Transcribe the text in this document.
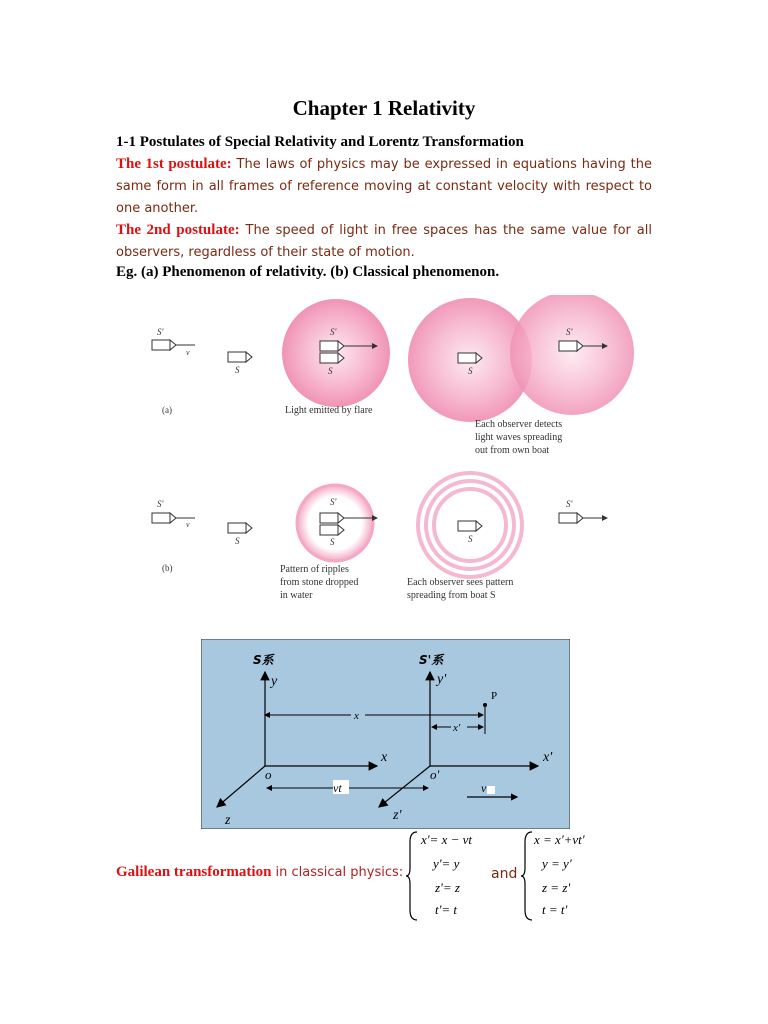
Chapter 1 Relativity
1-1 Postulates of Special Relativity and Lorentz Transformation
The 1st postulate: The laws of physics may be expressed in equations having the same form in all frames of reference moving at constant velocity with respect to one another.
The 2nd postulate: The speed of light in free spaces has the same value for all observers, regardless of their state of motion.
Eg. (a) Phenomenon of relativity. (b) Classical phenomenon.
S'
v
S
(a)
S'
S
Light emitted by flare
S
S'
Each observer detects
light waves spreading
out from own boat
S'
v
S
(b)
S'
S	S
S'
Pattern of ripples
from stone dropped
in water
Each observer sees pattern
spreading from boat S
S系	S'系
y
x
z
o
y'
x'
z'
o'
P
x
x'
vt	v
Galilean transformation in classical physics:
x'= x − vt
y'= y
z'= z
t'= t
and
x = x'+vt'
y = y'
z = z'
t = t'
